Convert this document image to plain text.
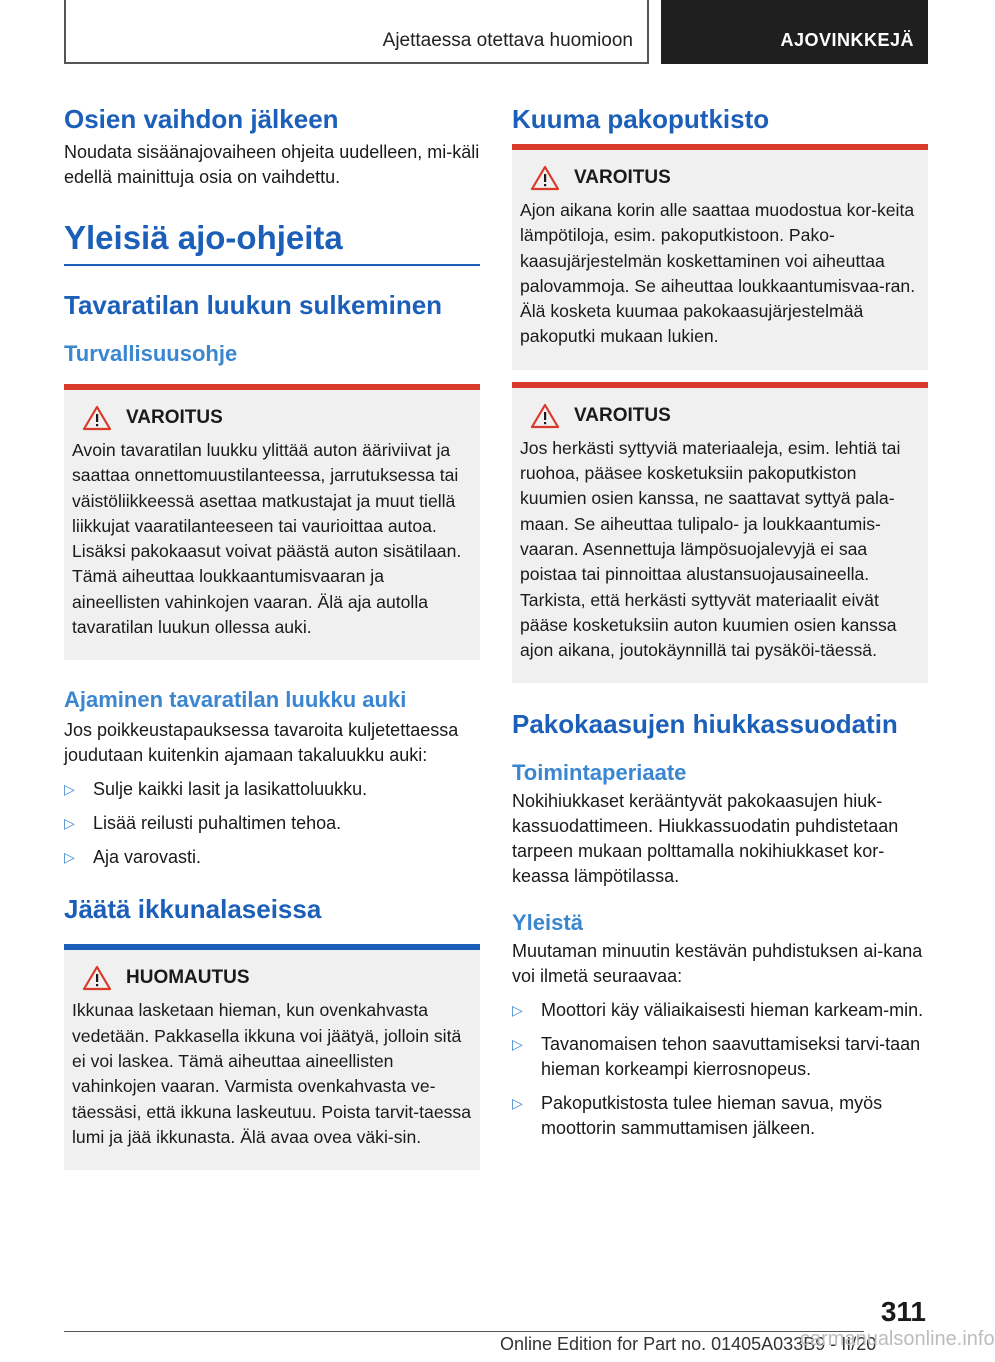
Ajettaessa otettava huomioon	AJOVINKKEJÄ
Osien vaihdon jälkeen
Noudata sisäänajovaiheen ohjeita uudelleen, mi-käli edellä mainittuja osia on vaihdettu.
Yleisiä ajo-ohjeita
Tavaratilan luukun sulkeminen
Turvallisuusohje
VAROITUS
Avoin tavaratilan luukku ylittää auton ääriviivat ja saattaa onnettomuustilanteessa, jarrutuksessa tai väistöliikkeessä asettaa matkustajat ja muut tiellä liikkujat vaaratilanteeseen tai vaurioittaa autoa. Lisäksi pakokaasut voivat päästä auton sisätilaan. Tämä aiheuttaa loukkaantumisvaaran ja aineellisten vahinkojen vaaran. Älä aja autolla tavaratilan luukun ollessa auki.
Ajaminen tavaratilan luukku auki
Jos poikkeustapauksessa tavaroita kuljetettaessa joudutaan kuitenkin ajamaan takaluukku auki:
▷	Sulje kaikki lasit ja lasikattoluukku.
▷	Lisää reilusti puhaltimen tehoa.
▷	Aja varovasti.
Jäätä ikkunalaseissa
HUOMAUTUS
Ikkunaa lasketaan hieman, kun ovenkahvasta vedetään. Pakkasella ikkuna voi jäätyä, jolloin sitä ei voi laskea. Tämä aiheuttaa aineellisten vahinkojen vaaran. Varmista ovenkahvasta ve-täessäsi, että ikkuna laskeutuu. Poista tarvit-taessa lumi ja jää ikkunasta. Älä avaa ovea väki-sin.
Kuuma pakoputkisto
VAROITUS
Ajon aikana korin alle saattaa muodostua kor-keita lämpötiloja, esim. pakoputkistoon. Pako-kaasujärjestelmän koskettaminen voi aiheuttaa palovammoja. Se aiheuttaa loukkaantumisvaa-ran. Älä kosketa kuumaa pakokaasujärjestelmää pakoputki mukaan lukien.
VAROITUS
Jos herkästi syttyviä materiaaleja, esim. lehtiä tai ruohoa, pääsee kosketuksiin pakoputkiston kuumien osien kanssa, ne saattavat syttyä pala-maan. Se aiheuttaa tulipalo- ja loukkaantumis-vaaran. Asennettuja lämpösuojalevyjä ei saa poistaa tai pinnoittaa alustansuojausaineella. Tarkista, että herkästi syttyvät materiaalit eivät pääse kosketuksiin auton kuumien osien kanssa ajon aikana, joutokäynnillä tai pysäköi-täessä.
Pakokaasujen hiukkassuodatin
Toimintaperiaate
Nokihiukkaset kerääntyvät pakokaasujen hiuk-kassuodattimeen. Hiukkassuodatin puhdistetaan tarpeen mukaan polttamalla nokihiukkaset kor-keassa lämpötilassa.
Yleistä
Muutaman minuutin kestävän puhdistuksen ai-kana voi ilmetä seuraavaa:
▷	Moottori käy väliaikaisesti hieman karkeam-min.
▷	Tavanomaisen tehon saavuttamiseksi tarvi-taan hieman korkeampi kierrosnopeus.
▷	Pakoputkistosta tulee hieman savua, myös moottorin sammuttamisen jälkeen.
311
Online Edition for Part no. 01405A033B9 - II/20
carmanualsonline.info
